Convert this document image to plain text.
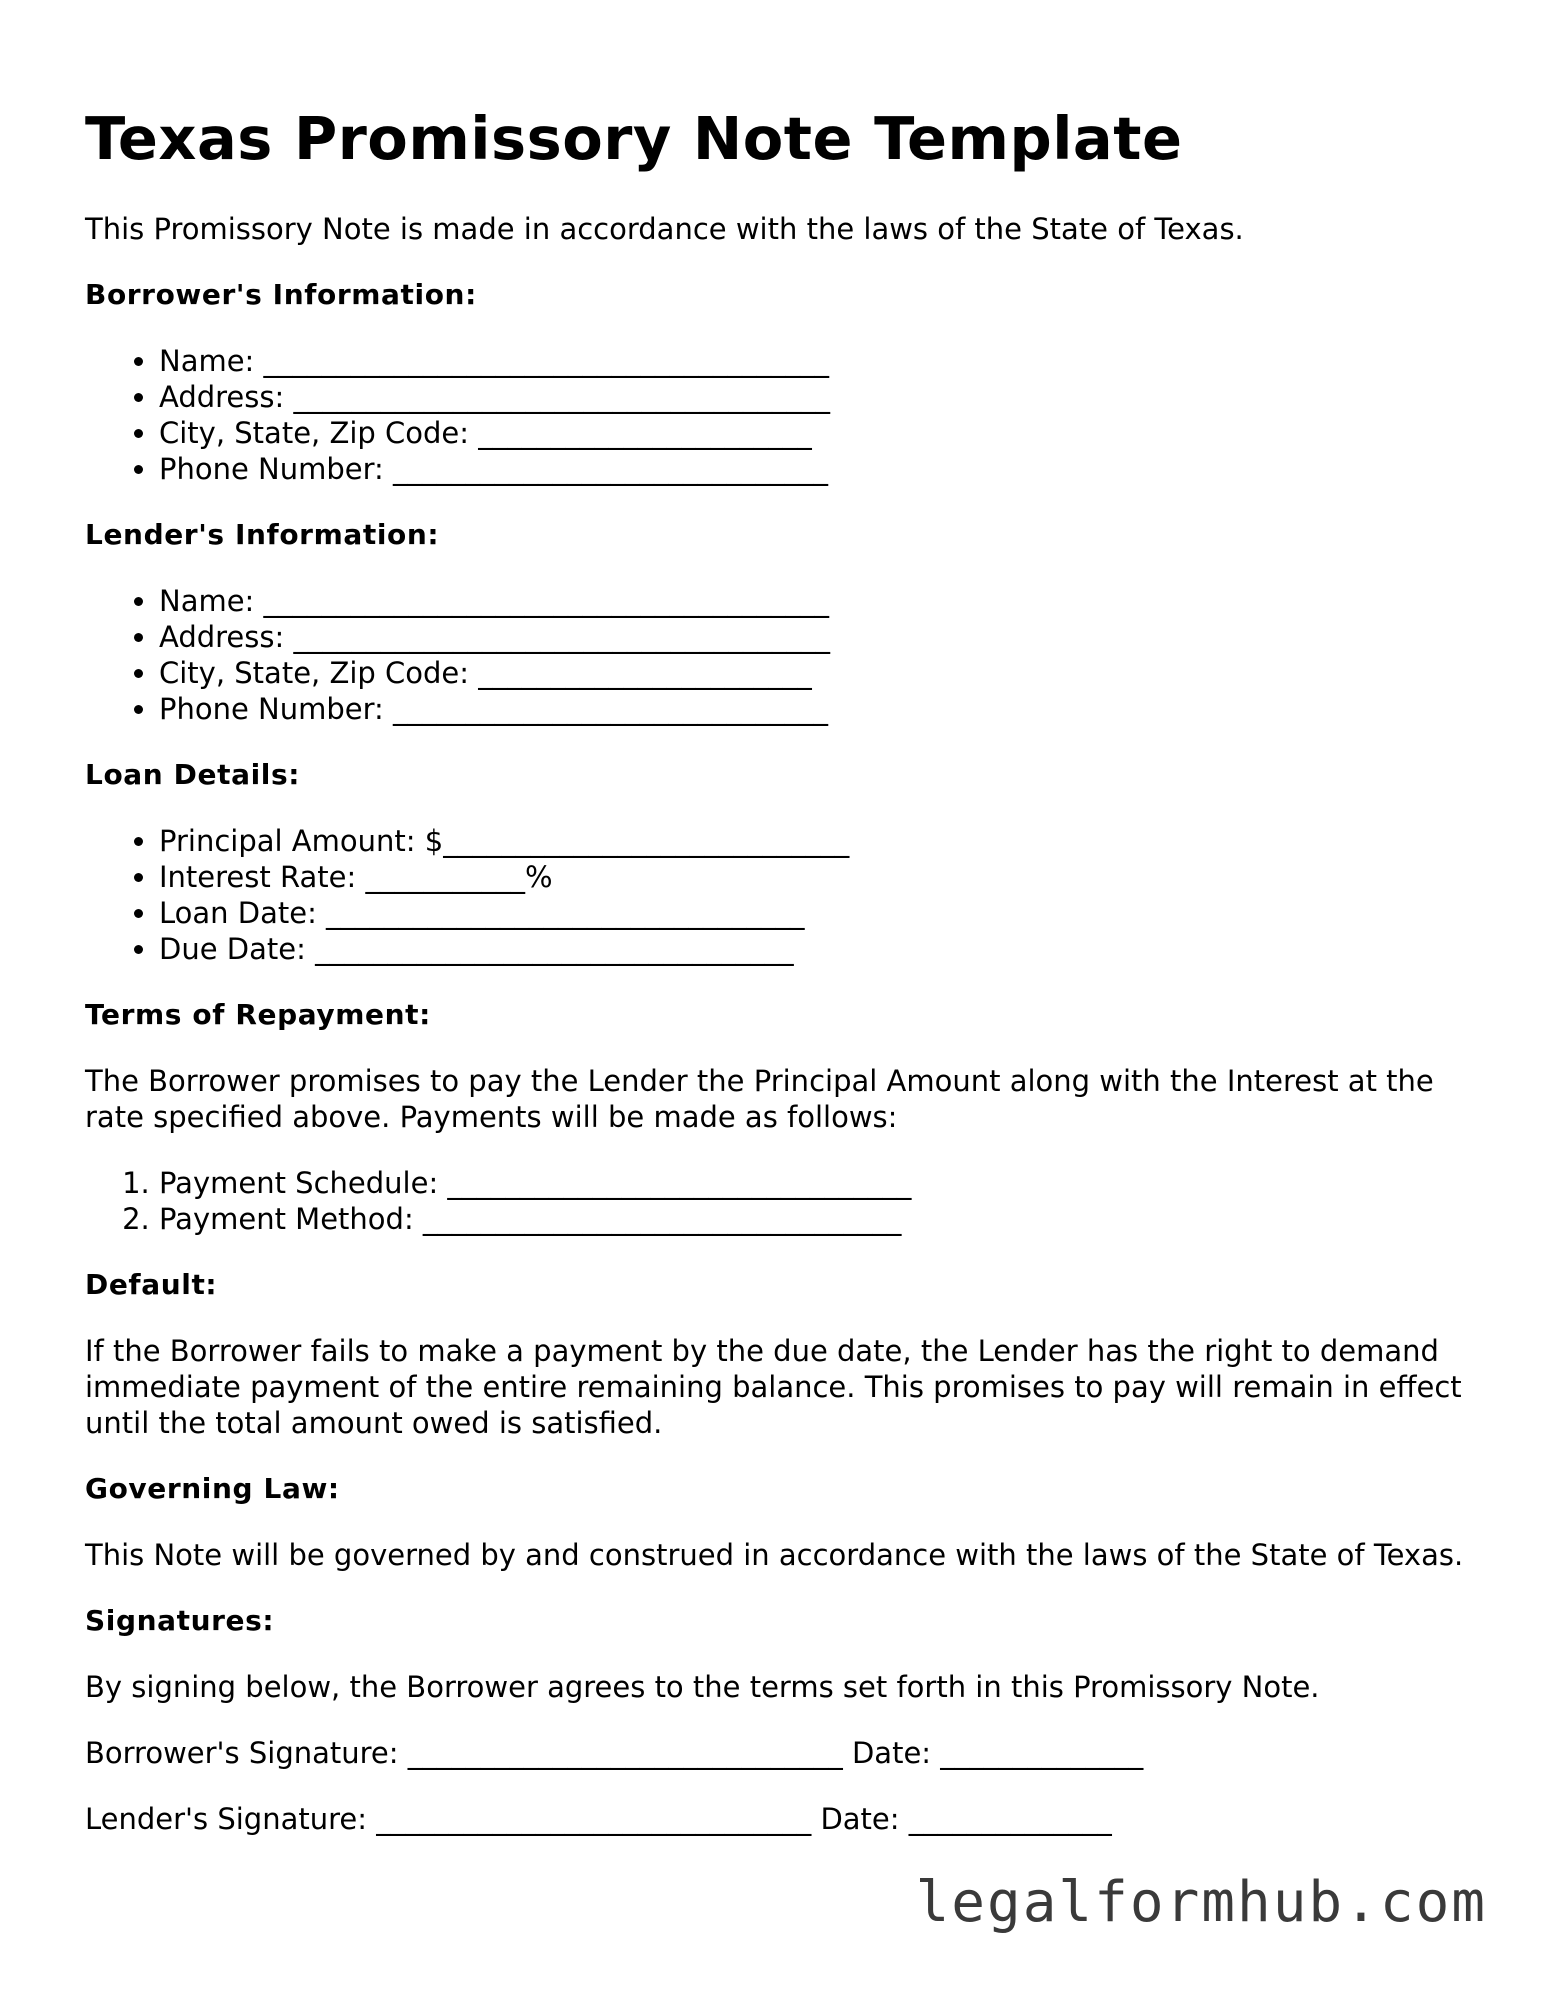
Texas Promissory Note Template

This Promissory Note is made in accordance with the laws of the State of Texas.

Borrower's Information:
• Name: _______________________________________
• Address: _____________________________________
• City, State, Zip Code: _______________________
• Phone Number: ______________________________
Lender's Information:
• Name: _______________________________________
• Address: _____________________________________
• City, State, Zip Code: _______________________
• Phone Number: ______________________________
Loan Details:
• Principal Amount: $____________________________
• Interest Rate: ___________%
• Loan Date: _________________________________
• Due Date: _________________________________
Terms of Repayment:

The Borrower promises to pay the Lender the Principal Amount along with the Interest at the rate specified above. Payments will be made as follows:

1. Payment Schedule: ________________________________
2. Payment Method: _________________________________
Default:

If the Borrower fails to make a payment by the due date, the Lender has the right to demand immediate payment of the entire remaining balance. This promises to pay will remain in effect until the total amount owed is satisfied.

Governing Law:

This Note will be governed by and construed in accordance with the laws of the State of Texas.

Signatures:

By signing below, the Borrower agrees to the terms set forth in this Promissory Note.

Borrower's Signature: ______________________________ Date: ______________
Lender's Signature: ______________________________ Date: ______________
legalformhub.com
